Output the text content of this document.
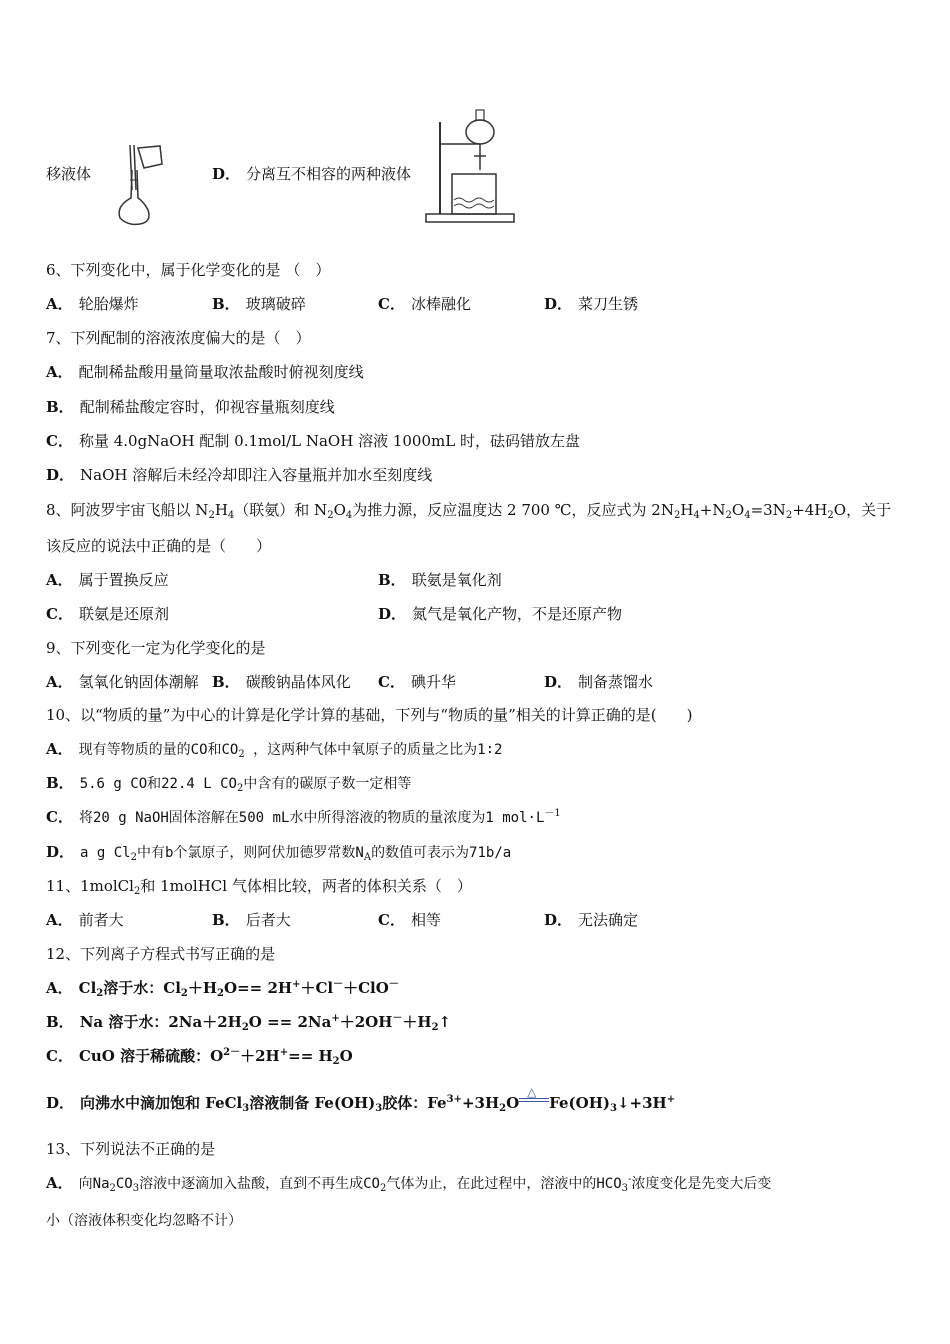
移液体	D． 分离互不相容的两种液体
6、下列变化中，属于化学变化的是 （　）
A． 轮胎爆炸	B． 玻璃破碎	C． 冰棒融化	D． 菜刀生锈
7、下列配制的溶液浓度偏大的是（　）
A． 配制稀盐酸用量筒量取浓盐酸时俯视刻度线
B． 配制稀盐酸定容时，仰视容量瓶刻度线
C． 称量 4.0gNaOH 配制 0.1mol/L NaOH 溶液 1000mL 时，砝码错放左盘
D． NaOH 溶解后未经冷却即注入容量瓶并加水至刻度线
8、阿波罗宇宙飞船以 $N_2H_4$（联氨）和 $N_2O_4$为推力源，反应温度达 2 700 ℃，反应式为 $2N_2H_4+N_2O_4=3N_2+4H_2O$，关于
该反应的说法中正确的是（　　）
A． 属于置换反应	B． 联氨是氧化剂
C． 联氨是还原剂	D． 氮气是氧化产物，不是还原产物
9、下列变化一定为化学变化的是
A． 氢氧化钠固体潮解 B． 碳酸钠晶体风化 C． 碘升华	D． 制备蒸馏水
10、以“物质的量”为中心的计算是化学计算的基础，下列与“物质的量”相关的计算正确的是(　　)
A． 现有等物质的量的CO和$CO_2$ ，这两种气体中氧原子的质量之比为1∶2
B． 5.6 g CO和22.4 L $CO_2$中含有的碳原子数一定相等
C． 将20 g NaOH固体溶解在500 mL水中所得溶液的物质的量浓度为1 $mol\cdot L^{-1}$
D． a g $Cl_2$中有b个氯原子，则阿伏加德罗常数$N_A$的数值可表示为71b/a
11、1molCl$_2$和 1molHCl 气体相比较，两者的体积关系（　）
A． 前者大	B． 后者大	C． 相等	D． 无法确定
12、下列离子方程式书写正确的是
A． $Cl_2$溶于水：$Cl_2+H_2O== 2H^++Cl^-+ClO^-$
B． Na 溶于水：$2Na+2H_2O$ == $2Na^++2OH^-+H_2↑$
C． CuO 溶于稀硫酸：$O^{2-}+2H^+== H_2O$
D． 向沸水中滴加饱和 FeCl$_3$溶液制备 $Fe(OH)_3$胶体：$Fe^{3+}+3H_2O$
△
$Fe(OH)_3↓+3H^+$
13、下列说法不正确的是
A． 向$Na_2CO_3$溶液中逐滴加入盐酸，直到不再生成$CO_2$气体为止，在此过程中，溶液中的$HCO_3^-$浓度变化是先变大后变
小（溶液体积变化均忽略不计）
